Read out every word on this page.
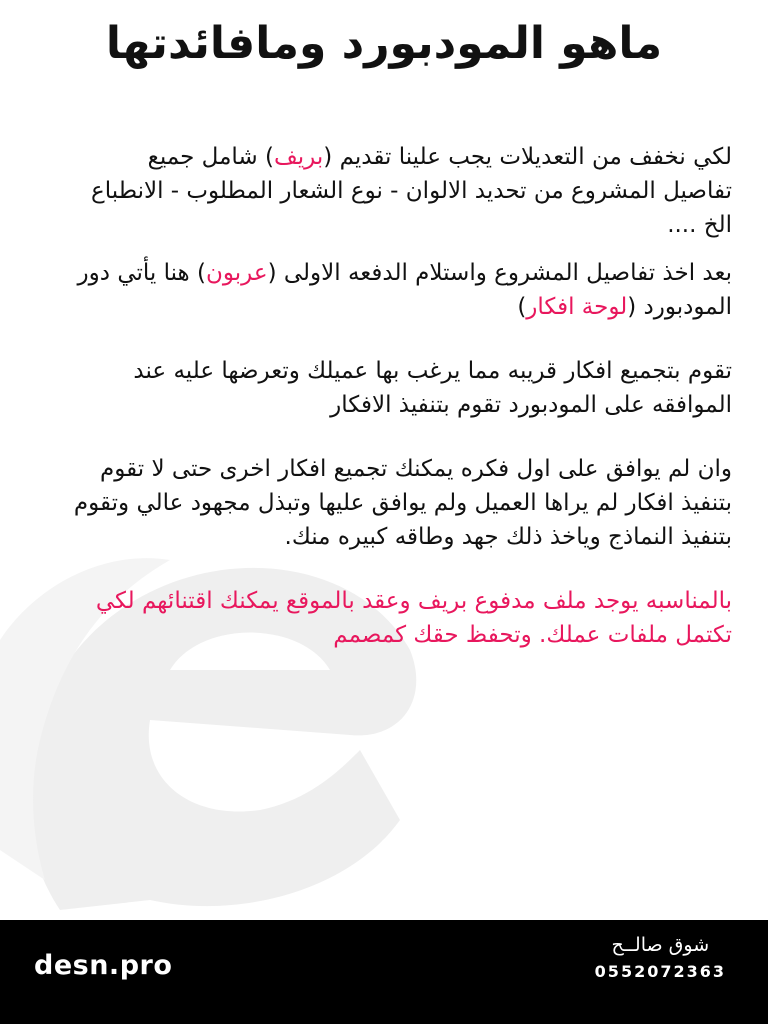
ماهو المودبورد ومافائدتها

لكي نخفف من التعديلات يجب علينا تقديم (بريف) شامل جميع تفاصيل المشروع من تحديد الالوان - نوع الشعار المطلوب - الانطباع الخ ....

بعد اخذ تفاصيل المشروع واستلام الدفعه الاولى (عربون) هنا يأتي دور المودبورد (لوحة افكار)

تقوم بتجميع افكار قريبه مما يرغب بها عميلك وتعرضها عليه عند الموافقه على المودبورد تقوم بتنفيذ الافكار

وان لم يوافق على اول فكره يمكنك تجميع افكار اخرى حتى لا تقوم بتنفيذ افكار لم يراها العميل ولم يوافق عليها وتبذل مجهود عالي وتقوم بتنفيذ النماذج وياخذ ذلك جهد وطاقه كبيره منك.

بالمناسبه يوجد ملف مدفوع بريف وعقد بالموقع يمكنك اقتنائهم لكي تكتمل ملفات عملك. وتحفظ حقك كمصمم

desn.pro
شوق صالــح
0552072363
